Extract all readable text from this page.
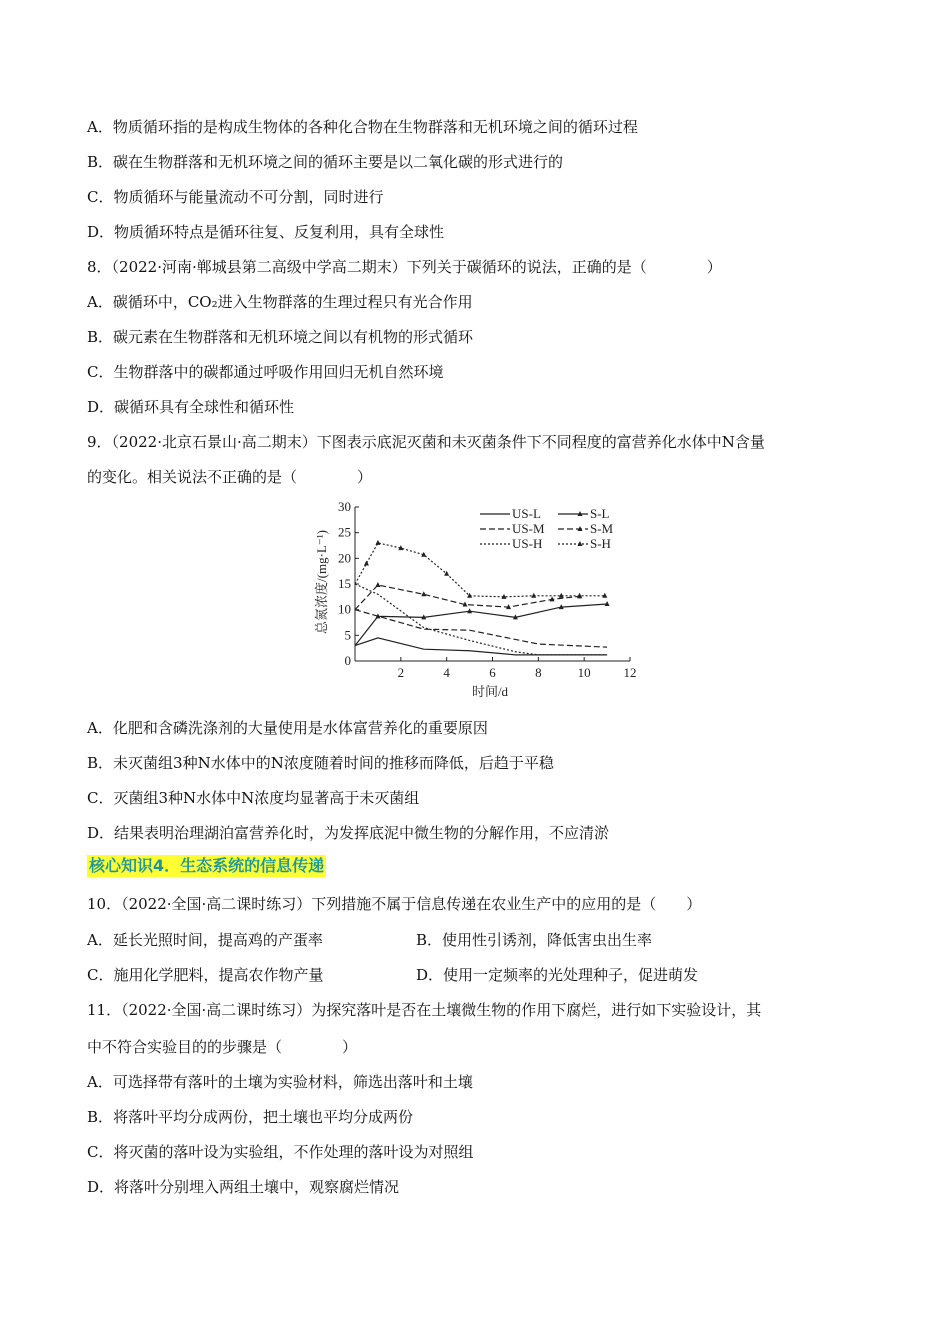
A．物质循环指的是构成生物体的各种化合物在生物群落和无机环境之间的循环过程
B．碳在生物群落和无机环境之间的循环主要是以二氧化碳的形式进行的
C．物质循环与能量流动不可分割，同时进行
D．物质循环特点是循环往复、反复利用，具有全球性
8．（2022·河南·郸城县第二高级中学高二期末）下列关于碳循环的说法，正确的是（　　　　）
A．碳循环中，CO₂进入生物群落的生理过程只有光合作用
B．碳元素在生物群落和无机环境之间以有机物的形式循环
C．生物群落中的碳都通过呼吸作用回归无机自然环境
D．碳循环具有全球性和循环性
9．（2022·北京石景山·高二期末）下图表示底泥灭菌和未灭菌条件下不同程度的富营养化水体中N含量
的变化。相关说法不正确的是（　　　　）
2	4	6	8	10	12
0
5
10
15
20
25
30	US-L
US-M
US-H
S-L
S-M
S-H
时间/d
总氮浓度/(mg·L⁻¹)
A．化肥和含磷洗涤剂的大量使用是水体富营养化的重要原因
B．未灭菌组3种N水体中的N浓度随着时间的推移而降低，后趋于平稳
C．灭菌组3种N水体中N浓度均显著高于未灭菌组
D．结果表明治理湖泊富营养化时，为发挥底泥中微生物的分解作用，不应清淤
核心知识4．生态系统的信息传递
10．（2022·全国·高二课时练习）下列措施不属于信息传递在农业生产中的应用的是（　　）
A．延长光照时间，提高鸡的产蛋率	B．使用性引诱剂，降低害虫出生率
C．施用化学肥料，提高农作物产量	D．使用一定频率的光处理种子，促进萌发
11．（2022·全国·高二课时练习）为探究落叶是否在土壤微生物的作用下腐烂，进行如下实验设计，其
中不符合实验目的的步骤是（　　　　）
A．可选择带有落叶的土壤为实验材料，筛选出落叶和土壤
B．将落叶平均分成两份，把土壤也平均分成两份
C．将灭菌的落叶设为实验组，不作处理的落叶设为对照组
D．将落叶分别埋入两组土壤中，观察腐烂情况
